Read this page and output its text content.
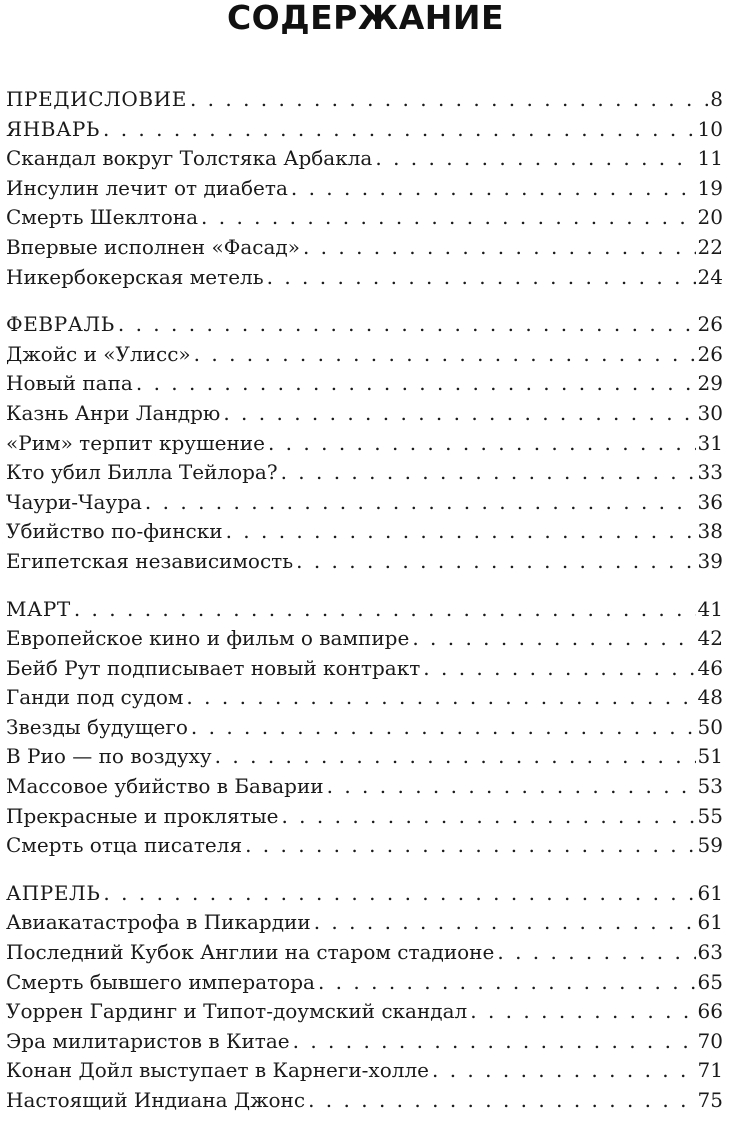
СОДЕРЖАНИЕ
ПРЕДИСЛОВИЕ . . .	8
ЯНВАРЬ . . .	10
Скандал вокруг Толстяка Арбакла . . .	11
Инсулин лечит от диабета . . .	19
Смерть Шеклтона . . .	20
Впервые исполнен «Фасад» . . .	22
Никербокерская метель . . .	24
ФЕВРАЛЬ . . .	26
Джойс и «Улисс» . . .	26
Новый папа . . .	29
Казнь Анри Ландрю . . .	30
«Рим» терпит крушение . . .	31
Кто убил Билла Тейлора? . . .	33
Чаури-Чаура . . .	36
Убийство по-фински . . .	38
Египетская независимость . . .	39
МАРТ . . .	41
Европейское кино и фильм о вампире . . .	42
Бейб Рут подписывает новый контракт . . .	46
Ганди под судом . . .	48
Звезды будущего . . .	50
В Рио — по воздуху . . .	51
Массовое убийство в Баварии . . .	53
Прекрасные и проклятые . . .	55
Смерть отца писателя . . .	59
АПРЕЛЬ . . .	61
Авиакатастрофа в Пикардии . . .	61
Последний Кубок Англии на старом стадионе . . .	63
Смерть бывшего императора . . .	65
Уоррен Гардинг и Типот-доумский скандал . . .	66
Эра милитаристов в Китае . . .	70
Конан Дойл выступает в Карнеги-холле . . .	71
Настоящий Индиана Джонс . . .	75
